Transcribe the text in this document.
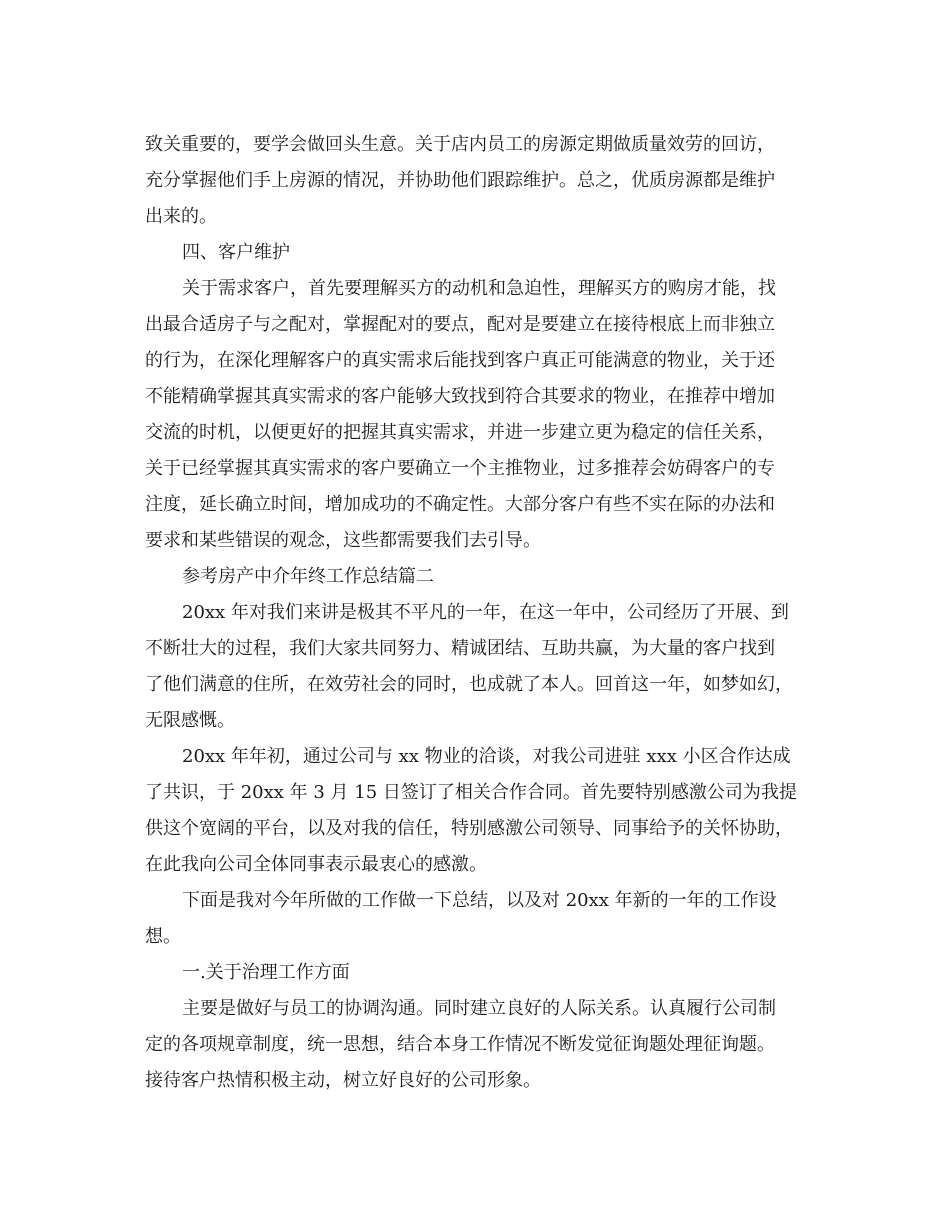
致关重要的，要学会做回头生意。关于店内员工的房源定期做质量效劳的回访，
充分掌握他们手上房源的情况，并协助他们跟踪维护。总之，优质房源都是维护
出来的。
四、客户维护
关于需求客户，首先要理解买方的动机和急迫性，理解买方的购房才能，找
出最合适房子与之配对，掌握配对的要点，配对是要建立在接待根底上而非独立
的行为，在深化理解客户的真实需求后能找到客户真正可能满意的物业，关于还
不能精确掌握其真实需求的客户能够大致找到符合其要求的物业，在推荐中增加
交流的时机，以便更好的把握其真实需求，并进一步建立更为稳定的信任关系，
关于已经掌握其真实需求的客户要确立一个主推物业，过多推荐会妨碍客户的专
注度，延长确立时间，增加成功的不确定性。大部分客户有些不实在际的办法和
要求和某些错误的观念，这些都需要我们去引导。
参考房产中介年终工作总结篇二
20xx 年对我们来讲是极其不平凡的一年，在这一年中，公司经历了开展、到
不断壮大的过程，我们大家共同努力、精诚团结、互助共赢，为大量的客户找到
了他们满意的住所，在效劳社会的同时，也成就了本人。回首这一年，如梦如幻，
无限感慨。
20xx 年年初，通过公司与 xx 物业的洽谈，对我公司进驻 xxx 小区合作达成
了共识，于 20xx 年 3 月 15 日签订了相关合作合同。首先要特别感激公司为我提
供这个宽阔的平台，以及对我的信任，特别感激公司领导、同事给予的关怀协助，
在此我向公司全体同事表示最衷心的感激。
下面是我对今年所做的工作做一下总结，以及对 20xx 年新的一年的工作设
想。
一.关于治理工作方面
主要是做好与员工的协调沟通。同时建立良好的人际关系。认真履行公司制
定的各项规章制度，统一思想，结合本身工作情况不断发觉征询题处理征询题。
接待客户热情积极主动，树立好良好的公司形象。
